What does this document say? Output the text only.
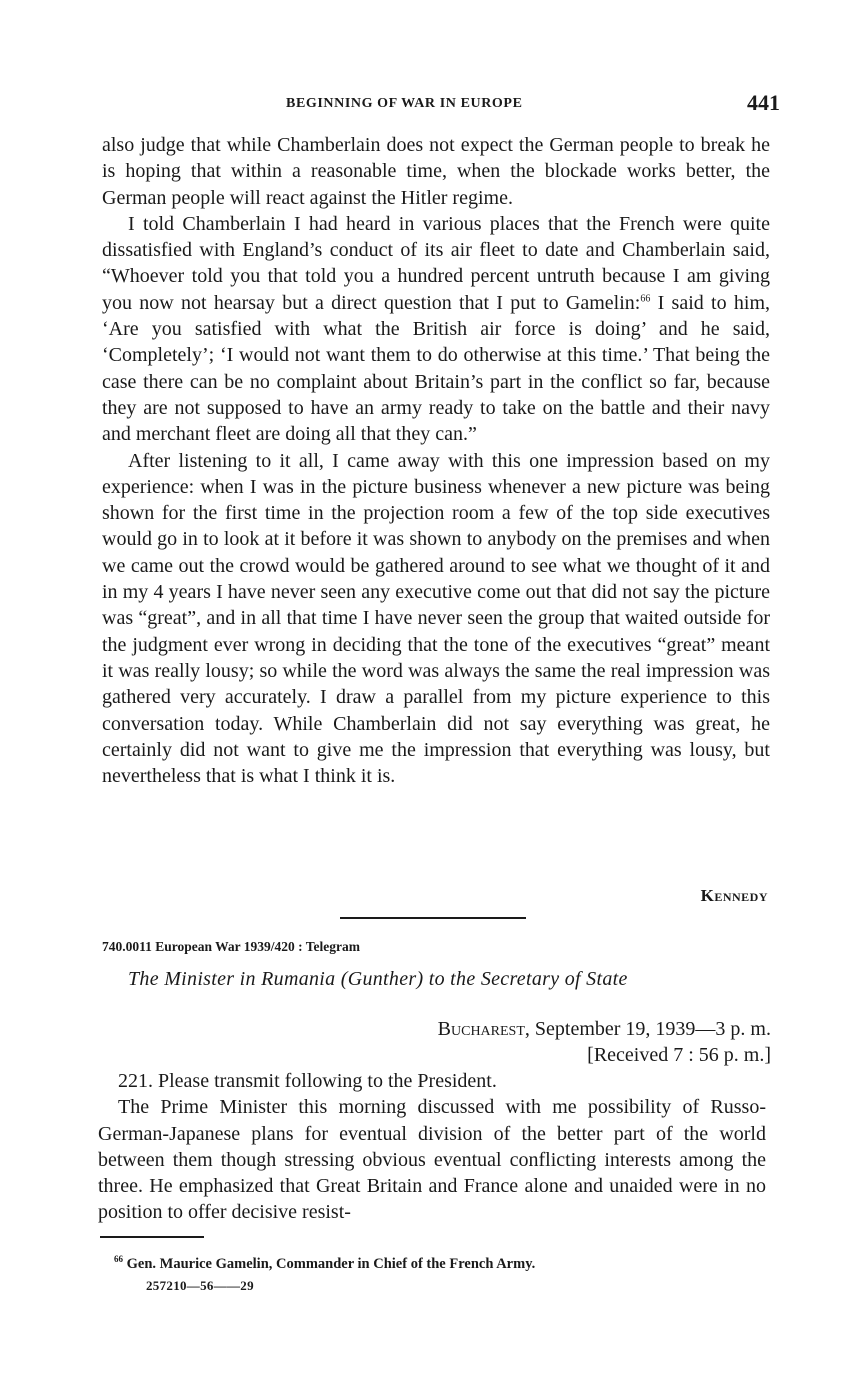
BEGINNING OF WAR IN EUROPE	441

also judge that while Chamberlain does not expect the German people to break he is hoping that within a reasonable time, when the blockade works better, the German people will react against the Hitler regime.

I told Chamberlain I had heard in various places that the French were quite dissatisfied with England’s conduct of its air fleet to date and Chamberlain said, “Whoever told you that told you a hundred percent untruth because I am giving you now not hearsay but a direct question that I put to Gamelin:$^{66}$ I said to him, ‘Are you satisfied with what the British air force is doing’ and he said, ‘Completely’; ‘I would not want them to do otherwise at this time.’ That being the case there can be no complaint about Britain’s part in the conflict so far, because they are not supposed to have an army ready to take on the battle and their navy and merchant fleet are doing all that they can.”

After listening to it all, I came away with this one impression based on my experience: when I was in the picture business whenever a new picture was being shown for the first time in the projection room a few of the top side executives would go in to look at it before it was shown to anybody on the premises and when we came out the crowd would be gathered around to see what we thought of it and in my 4 years I have never seen any executive come out that did not say the picture was “great”, and in all that time I have never seen the group that waited outside for the judgment ever wrong in deciding that the tone of the executives “great” meant it was really lousy; so while the word was always the same the real impression was gathered very accurately. I draw a parallel from my picture experience to this conversation today. While Chamberlain did not say everything was great, he certainly did not want to give me the impression that everything was lousy, but nevertheless that is what I think it is.

Kennedy
740.0011 European War 1939/420 : Telegram
The Minister in Rumania (Gunther) to the Secretary of State
Bucharest, September 19, 1939—3 p. m.
[Received 7 : 56 p. m.]

221. Please transmit following to the President.

The Prime Minister this morning discussed with me possibility of Russo-German-Japanese plans for eventual division of the better part of the world between them though stressing obvious eventual conflicting interests among the three. He emphasized that Great Britain and France alone and unaided were in no position to offer decisive resist-

$^{66}$ Gen. Maurice Gamelin, Commander in Chief of the French Army.
257210—56——29
